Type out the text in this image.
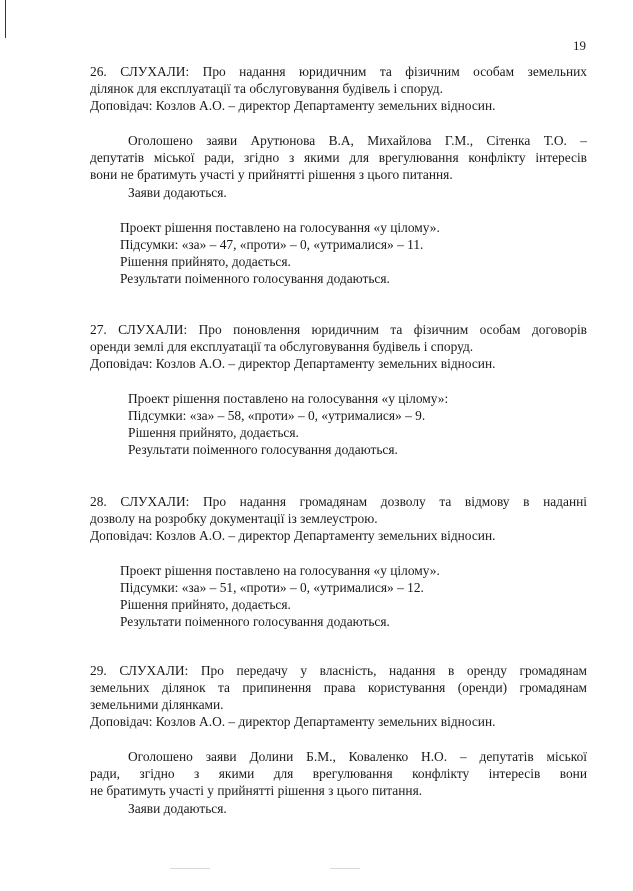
19
26. СЛУХАЛИ: Про надання юридичним та фізичним особам земельних
ділянок для експлуатації та обслуговування будівель і споруд.
Доповідач: Козлов А.О. – директор Департаменту земельних відносин.
Оголошено заяви Арутюнова В.А, Михайлова Г.М., Сітенка Т.О. –
депутатів міської ради, згідно з якими для врегулювання конфлікту інтересів
вони не братимуть участі у прийнятті рішення з цього питання.
Заяви додаються.
Проект рішення поставлено на голосування «у цілому».
Підсумки: «за» – 47, «проти» – 0, «утрималися» – 11.
Рішення прийнято, додається.
Результати поіменного голосування додаються.
27. СЛУХАЛИ: Про поновлення юридичним та фізичним особам договорів
оренди землі для експлуатації та обслуговування будівель і споруд.
Доповідач: Козлов А.О. – директор Департаменту земельних відносин.
Проект рішення поставлено на голосування «у цілому»:
Підсумки: «за» – 58, «проти» – 0, «утрималися» – 9.
Рішення прийнято, додається.
Результати поіменного голосування додаються.
28. СЛУХАЛИ: Про надання громадянам дозволу та відмову в наданні
дозволу на розробку документації із землеустрою.
Доповідач: Козлов А.О. – директор Департаменту земельних відносин.
Проект рішення поставлено на голосування «у цілому».
Підсумки: «за» – 51, «проти» – 0, «утрималися» – 12.
Рішення прийнято, додається.
Результати поіменного голосування додаються.
29. СЛУХАЛИ: Про передачу у власність, надання в оренду громадянам
земельних ділянок та припинення права користування (оренди) громадянам
земельними ділянками.
Доповідач: Козлов А.О. – директор Департаменту земельних відносин.
Оголошено заяви Долини Б.М., Коваленко Н.О. – депутатів міської
ради, згідно з якими для врегулювання конфлікту інтересів вони
не братимуть участі у прийнятті рішення з цього питання.
Заяви додаються.
